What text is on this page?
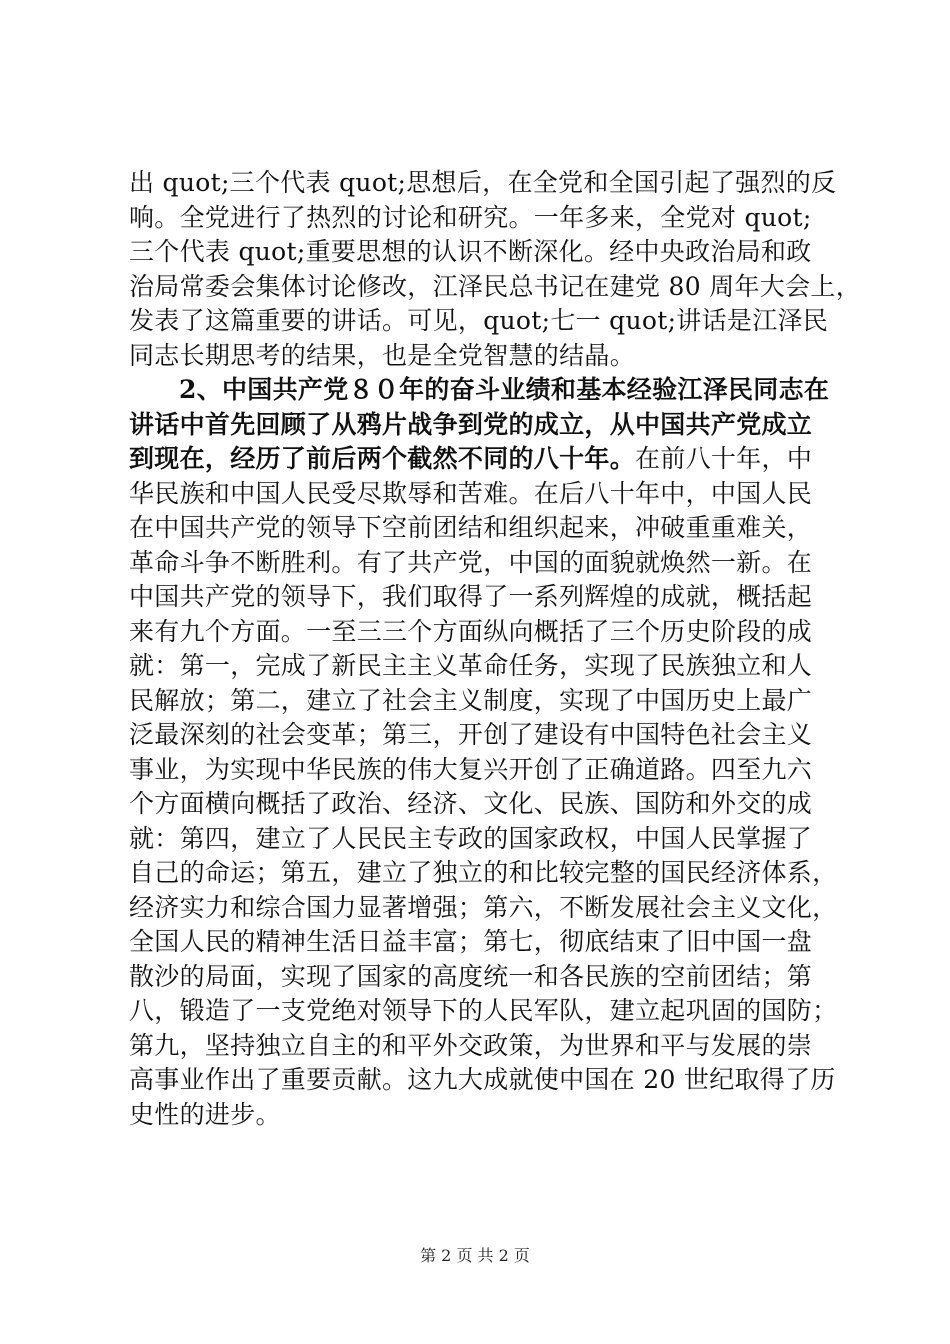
出 quot;三个代表 quot;思想后，在全党和全国引起了强烈的反
响。全党进行了热烈的讨论和研究。一年多来，全党对 quot;
三个代表 quot;重要思想的认识不断深化。经中央政治局和政
治局常委会集体讨论修改，江泽民总书记在建党 80 周年大会上，
发表了这篇重要的讲话。可见，quot;七一 quot;讲话是江泽民
同志长期思考的结果，也是全党智慧的结晶。
2、中国共产党８０年的奋斗业绩和基本经验江泽民同志在
讲话中首先回顾了从鸦片战争到党的成立，从中国共产党成立
到现在，经历了前后两个截然不同的八十年。在前八十年，中
华民族和中国人民受尽欺辱和苦难。在后八十年中，中国人民
在中国共产党的领导下空前团结和组织起来，冲破重重难关，
革命斗争不断胜利。有了共产党，中国的面貌就焕然一新。在
中国共产党的领导下，我们取得了一系列辉煌的成就，概括起
来有九个方面。一至三三个方面纵向概括了三个历史阶段的成
就：第一，完成了新民主主义革命任务，实现了民族独立和人
民解放；第二，建立了社会主义制度，实现了中国历史上最广
泛最深刻的社会变革；第三，开创了建设有中国特色社会主义
事业，为实现中华民族的伟大复兴开创了正确道路。四至九六
个方面横向概括了政治、经济、文化、民族、国防和外交的成
就：第四，建立了人民民主专政的国家政权，中国人民掌握了
自己的命运；第五，建立了独立的和比较完整的国民经济体系，
经济实力和综合国力显著增强；第六，不断发展社会主义文化，
全国人民的精神生活日益丰富；第七，彻底结束了旧中国一盘
散沙的局面，实现了国家的高度统一和各民族的空前团结；第
八，锻造了一支党绝对领导下的人民军队，建立起巩固的国防；
第九，坚持独立自主的和平外交政策，为世界和平与发展的崇
高事业作出了重要贡献。这九大成就使中国在 20 世纪取得了历
史性的进步。
第 2 页 共 2 页
